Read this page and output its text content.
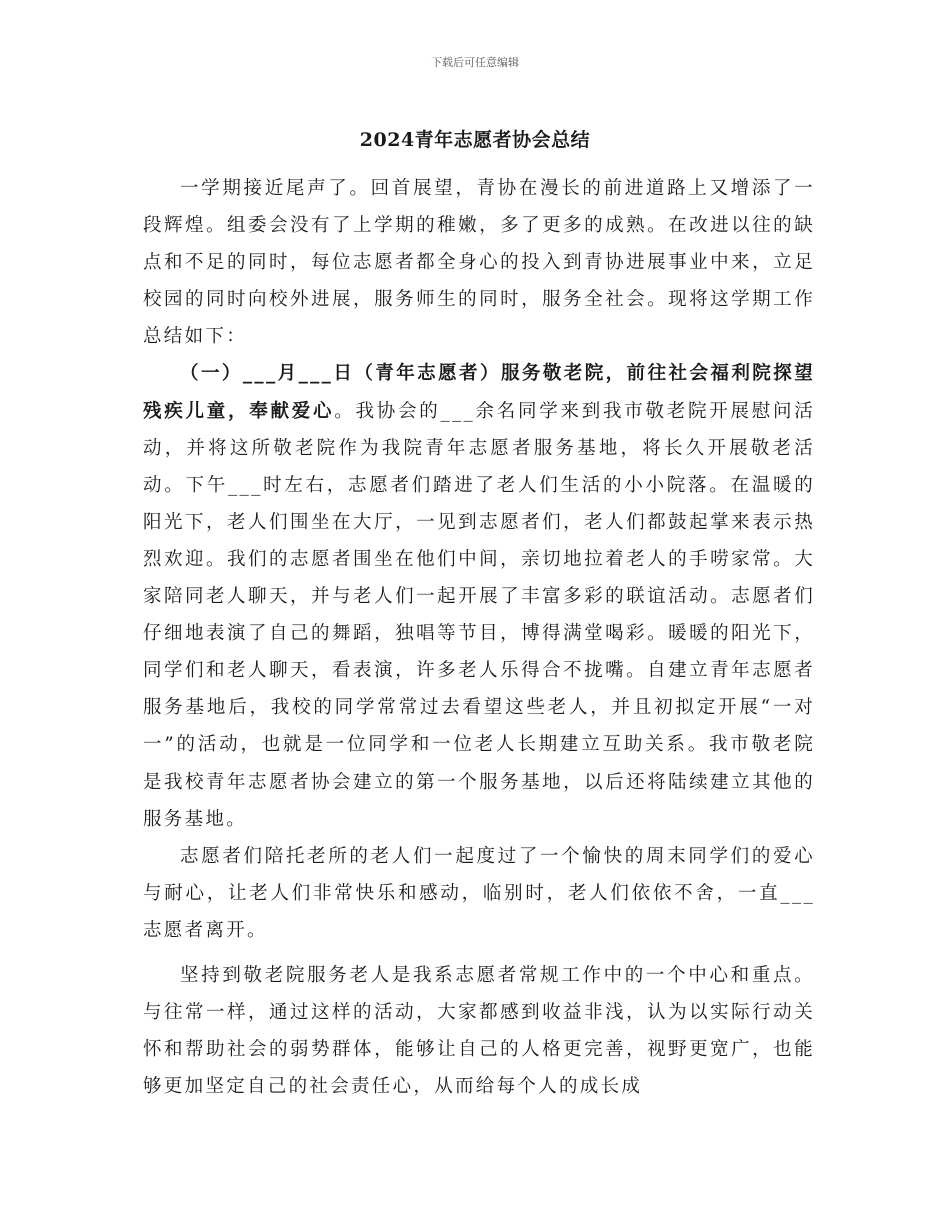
下载后可任意编辑
2024青年志愿者协会总结

一学期接近尾声了。回首展望，青协在漫长的前进道路上又增添了一段辉煌。组委会没有了上学期的稚嫩，多了更多的成熟。在改进以往的缺点和不足的同时，每位志愿者都全身心的投入到青协进展事业中来，立足校园的同时向校外进展，服务师生的同时，服务全社会。现将这学期工作总结如下：

（一）___月___日（青年志愿者）服务敬老院，前往社会福利院探望残疾儿童，奉献爱心。我协会的___余名同学来到我市敬老院开展慰问活动，并将这所敬老院作为我院青年志愿者服务基地，将长久开展敬老活动。下午___时左右，志愿者们踏进了老人们生活的小小院落。在温暖的阳光下，老人们围坐在大厅，一见到志愿者们，老人们都鼓起掌来表示热烈欢迎。我们的志愿者围坐在他们中间，亲切地拉着老人的手唠家常。大家陪同老人聊天，并与老人们一起开展了丰富多彩的联谊活动。志愿者们仔细地表演了自己的舞蹈，独唱等节目，博得满堂喝彩。暖暖的阳光下，同学们和老人聊天，看表演，许多老人乐得合不拢嘴。自建立青年志愿者服务基地后，我校的同学常常过去看望这些老人，并且初拟定开展“一对一”的活动，也就是一位同学和一位老人长期建立互助关系。我市敬老院是我校青年志愿者协会建立的第一个服务基地，以后还将陆续建立其他的服务基地。

志愿者们陪托老所的老人们一起度过了一个愉快的周末同学们的爱心与耐心，让老人们非常快乐和感动，临别时，老人们依依不舍，一直___志愿者离开。

坚持到敬老院服务老人是我系志愿者常规工作中的一个中心和重点。与往常一样，通过这样的活动，大家都感到收益非浅，认为以实际行动关怀和帮助社会的弱势群体，能够让自己的人格更完善，视野更宽广，也能够更加坚定自己的社会责任心，从而给每个人的成长成
